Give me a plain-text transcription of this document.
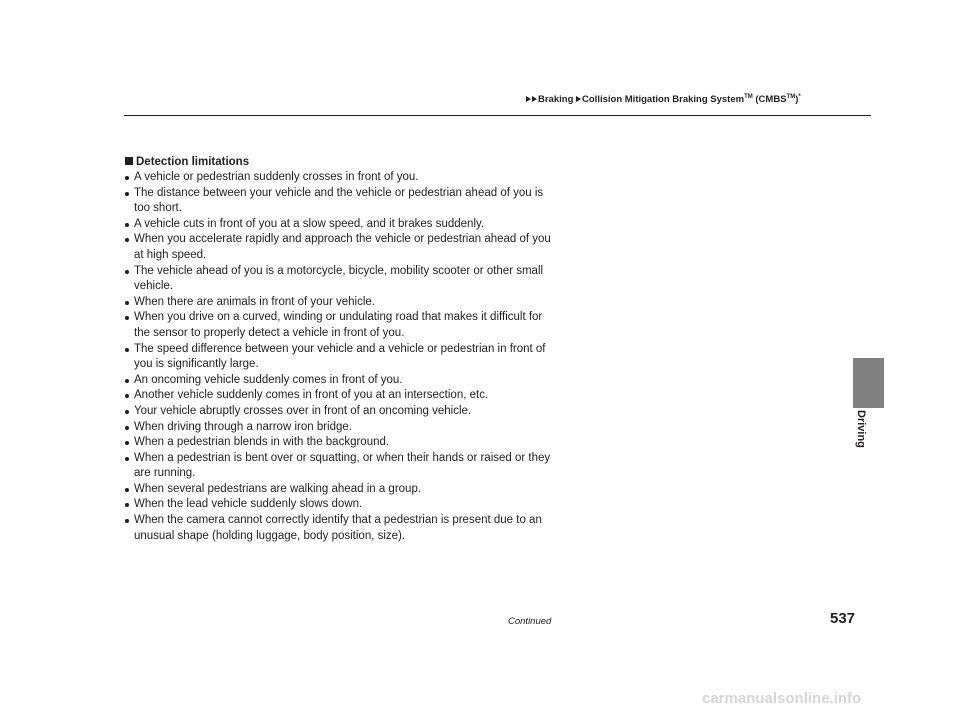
Braking Collision Mitigation Braking System™ (CMBS™)*
Driving
Detection limitations
A vehicle or pedestrian suddenly crosses in front of you.
The distance between your vehicle and the vehicle or pedestrian ahead of you is too short.
A vehicle cuts in front of you at a slow speed, and it brakes suddenly.
When you accelerate rapidly and approach the vehicle or pedestrian ahead of you at high speed.
The vehicle ahead of you is a motorcycle, bicycle, mobility scooter or other small vehicle.
When there are animals in front of your vehicle.
When you drive on a curved, winding or undulating road that makes it difficult for the sensor to properly detect a vehicle in front of you.
The speed difference between your vehicle and a vehicle or pedestrian in front of you is significantly large.
An oncoming vehicle suddenly comes in front of you.
Another vehicle suddenly comes in front of you at an intersection, etc.
Your vehicle abruptly crosses over in front of an oncoming vehicle.
When driving through a narrow iron bridge.
When a pedestrian blends in with the background.
When a pedestrian is bent over or squatting, or when their hands or raised or they are running.
When several pedestrians are walking ahead in a group.
When the lead vehicle suddenly slows down.
When the camera cannot correctly identify that a pedestrian is present due to an unusual shape (holding luggage, body position, size).
Continued	537
carmanualsonline.info
